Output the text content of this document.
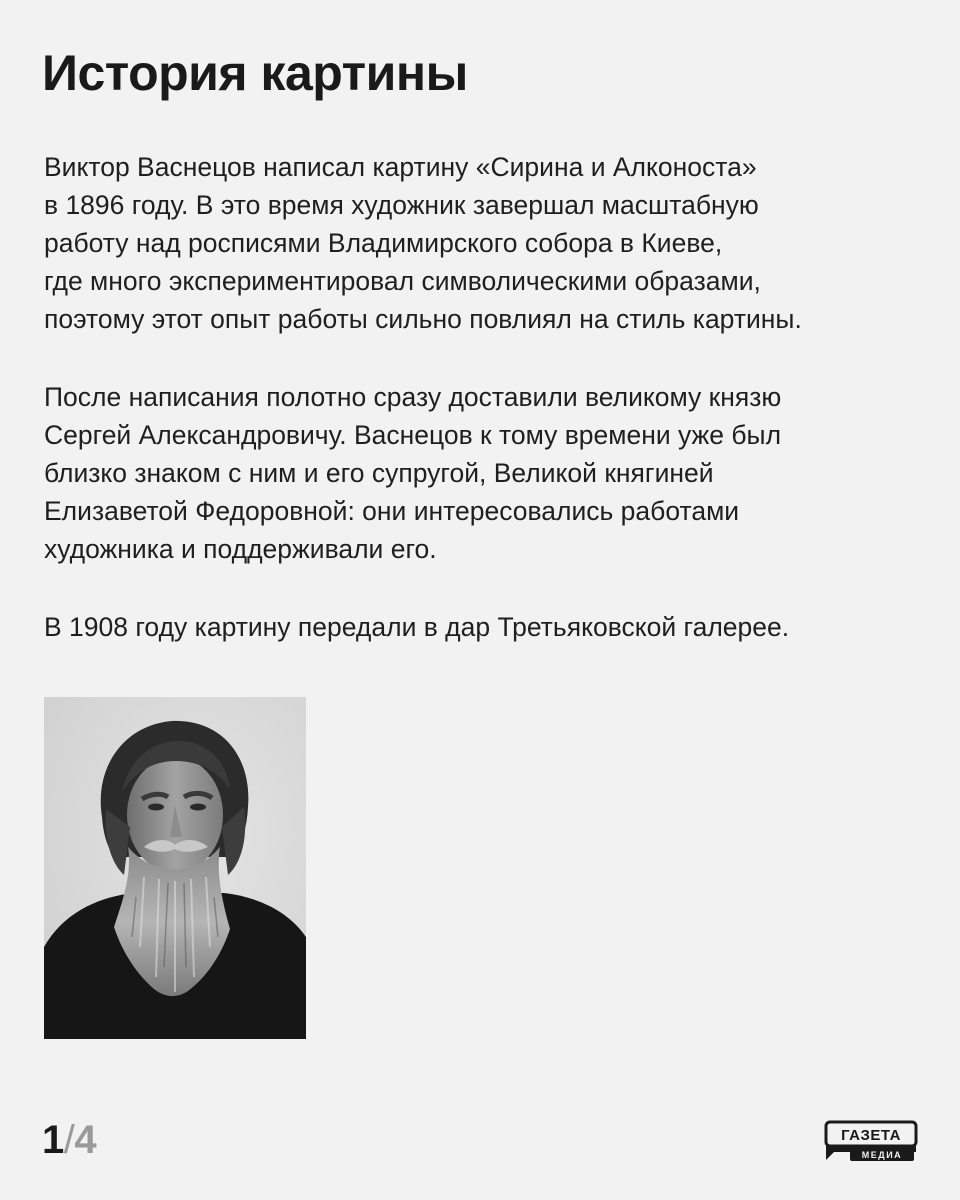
История картины

Виктор Васнецов написал картину «Сирина и Алконоста»
в 1896 году. В это время художник завершал масштабную
работу над росписями Владимирского собора в Киеве,
где много экспериментировал символическими образами,
поэтому этот опыт работы сильно повлиял на стиль картины.

После написания полотно сразу доставили великому князю
Сергей Александровичу. Васнецов к тому времени уже был
близко знаком с ним и его супругой, Великой княгиней
Елизаветой Федоровной: они интересовались работами
художника и поддерживали его.

В 1908 году картину передали в дар Третьяковской галерее.

1/4	ГАЗЕТА
МЕДИА
